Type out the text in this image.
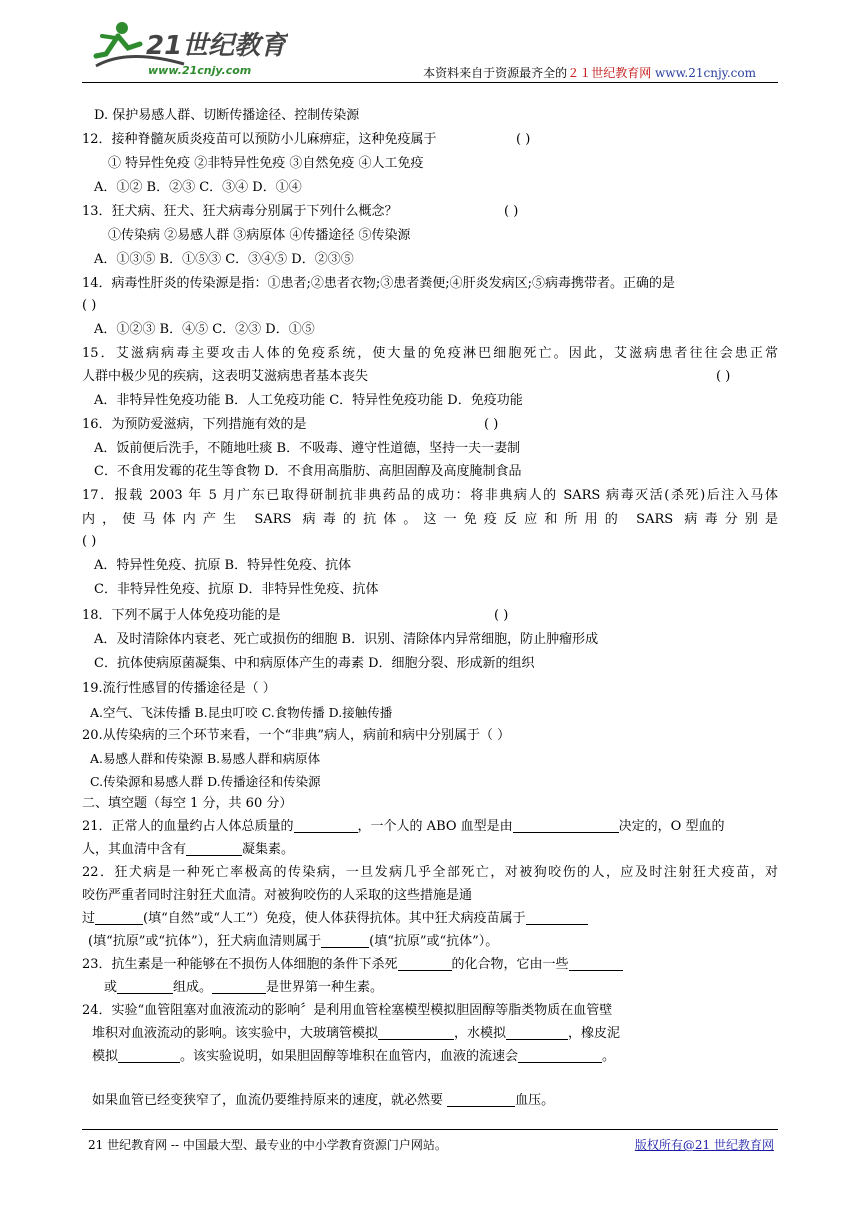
21世纪教育
www.21cnjy.com	本资料来自于资源最齐全的２１世纪教育网 www.21cnjy.com
D. 保护易感人群、切断传播途径、控制传染源
12．接种脊髓灰质炎疫苗可以预防小儿麻痹症，这种免疫属于	( )
① 特异性免疫 ②非特异性免疫 ③自然免疫 ④人工免疫
A．①② B．②③ C．③④ D．①④
13．狂犬病、狂犬、狂犬病毒分别属于下列什么概念？	( )
①传染病 ②易感人群 ③病原体 ④传播途径 ⑤传染源
A．①③⑤ B．①⑤③ C．③④⑤ D．②③⑤
14．病毒性肝炎的传染源是指：①患者;②患者衣物;③患者粪便;④肝炎发病区;⑤病毒携带者。正确的是
( )
A．①②③ B．④⑤ C．②③ D．①⑤
15．艾滋病病毒主要攻击人体的免疫系统，使大量的免疫淋巴细胞死亡。因此，艾滋病患者往往会患正常
人群中极少见的疾病，这表明艾滋病患者基本丧失	( )
A．非特异性免疫功能 B．人工免疫功能 C．特异性免疫功能 D．免疫功能
16．为预防爱滋病，下列措施有效的是	( )
A．饭前便后洗手，不随地吐痰 B．不吸毒、遵守性道德，坚持一夫一妻制
C．不食用发霉的花生等食物 D．不食用高脂肪、高胆固醇及高度腌制食品
17．报载 2003 年 5 月广东已取得研制抗非典药品的成功：将非典病人的 SARS 病毒灭活(杀死)后注入马体
内，使马体内产生 SARS 病毒的抗体。这一免疫反应和所用的 SARS 病毒分别是
( )
A．特异性免疫、抗原 B．特异性免疫、抗体
C．非特异性免疫、抗原 D．非特异性免疫、抗体
18．下列不属于人体免疫功能的是	( )
A．及时清除体内衰老、死亡或损伤的细胞 B．识别、清除体内异常细胞，防止肿瘤形成
C．抗体使病原菌凝集、中和病原体产生的毒素 D．细胞分裂、形成新的组织
19.流行性感冒的传播途径是（ ）
A.空气、飞沫传播 B.昆虫叮咬 C.食物传播 D.接触传播
20.从传染病的三个环节来看，一个“非典”病人，病前和病中分别属于（ ）
A.易感人群和传染源 B.易感人群和病原体
C.传染源和易感人群 D.传播途径和传染源
二、填空题（每空 1 分，共 60 分）
21．正常人的血量约占人体总质量的	，一个人的 ABO 血型是由	决定的，O 型血的
人，其血清中含有	凝集素。
22．狂犬病是一种死亡率极高的传染病，一旦发病几乎全部死亡，对被狗咬伤的人，应及时注射狂犬疫苗，对
咬伤严重者同时注射狂犬血清。对被狗咬伤的人采取的这些措施是通
过	(填“自然”或“人工”）免疫，使人体获得抗体。其中狂犬病疫苗属于
(填“抗原”或“抗体”），狂犬病血清则属于	(填“抗原”或“抗体”）。
23．抗生素是一种能够在不损伤人体细胞的条件下杀死	的化合物，它由一些
或	组成。	是世界第一种生素。
24．实验“血管阻塞对血液流动的影响〞是利用血管栓塞模型模拟胆固醇等脂类物质在血管壁
堆积对血液流动的影响。该实验中，大玻璃管模拟	，水模拟	，橡皮泥
模拟	。该实验说明，如果胆固醇等堆积在血管内，血液的流速会	。
如果血管已经变狭窄了，血流仍要维持原来的速度，就必然要	血压。
21 世纪教育网 -- 中国最大型、最专业的中小学教育资源门户网站。	版权所有@21 世纪教育网
